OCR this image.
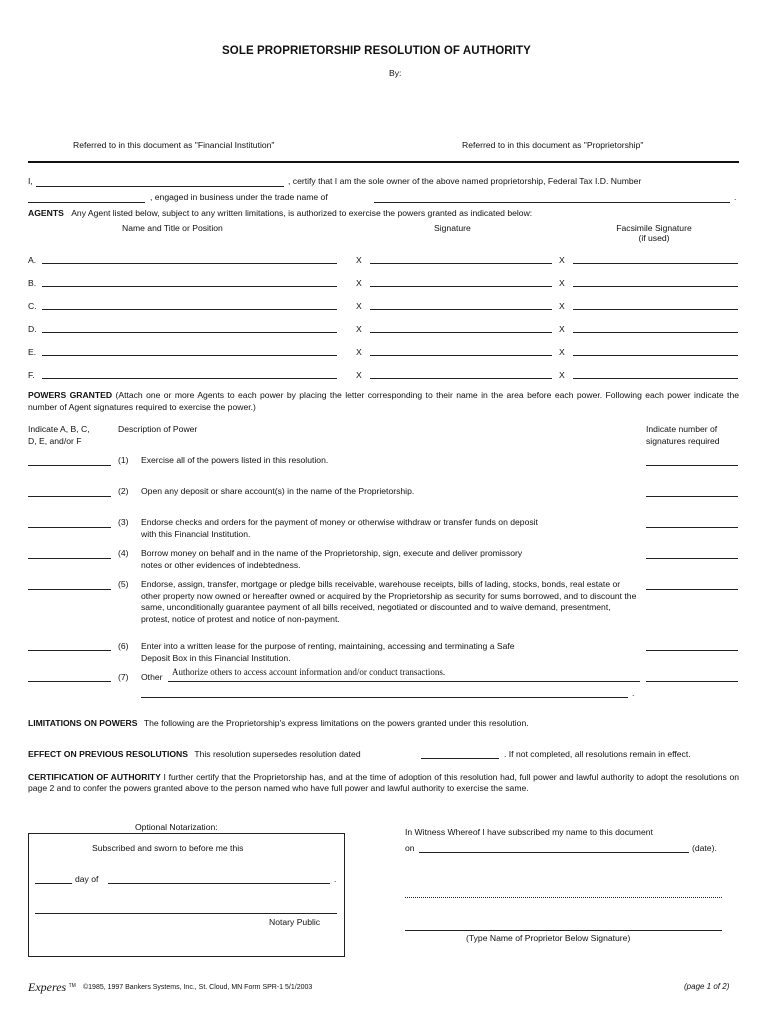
SOLE PROPRIETORSHIP RESOLUTION OF AUTHORITY
By:
Referred to in this document as "Financial Institution"	Referred to in this document as "Proprietorship"
I,	, certify that I am the sole owner of the above named proprietorship, Federal Tax I.D. Number
, engaged in business under the trade name of	.
AGENTS Any Agent listed below, subject to any written limitations, is authorized to exercise the powers granted as indicated below:
Name and Title or Position	Signature	Facsimile Signature
(if used)
A.	X	X
B.	X	X
C.	X	X
D.	X	X
E.	X	X
F.	X	X
POWERS GRANTED (Attach one or more Agents to each power by placing the letter corresponding to their name in the area before each power. Following each power indicate the number of Agent signatures required to exercise the power.)
Indicate A, B, C,
D, E, and/or F
Description of Power	Indicate number of
signatures required
(1) Exercise all of the powers listed in this resolution.
(2) Open any deposit or share account(s) in the name of the Proprietorship.
(3) Endorse checks and orders for the payment of money or otherwise withdraw or transfer funds on deposit
with this Financial Institution.
(4) Borrow money on behalf and in the name of the Proprietorship, sign, execute and deliver promissory
notes or other evidences of indebtedness.
(5) Endorse, assign, transfer, mortgage or pledge bills receivable, warehouse receipts, bills of lading, stocks, bonds, real estate or other property now owned or hereafter owned or acquired by the Proprietorship as security for sums borrowed, and to discount the same, unconditionally guarantee payment of all bills received, negotiated or discounted and to waive demand, presentment, protest, notice of protest and notice of non-payment.
(6) Enter into a written lease for the purpose of renting, maintaining, accessing and terminating a Safe
Deposit Box in this Financial Institution.
(7) Other Authorize others to access account information and/or conduct transactions.
.
LIMITATIONS ON POWERS The following are the Proprietorship's express limitations on the powers granted under this resolution.
EFFECT ON PREVIOUS RESOLUTIONS This resolution supersedes resolution dated	. If not completed, all resolutions remain in effect.
CERTIFICATION OF AUTHORITY I further certify that the Proprietorship has, and at the time of adoption of this resolution had, full power and lawful authority to adopt the resolutions on page 2 and to confer the powers granted above to the person named who have full power and lawful authority to exercise the same.
Optional Notarization:
Subscribed and sworn to before me this
day of	.
Notary Public
In Witness Whereof I have subscribed my name to this document
on	(date).
(Type Name of Proprietor Below Signature)
Experes ™ ©1985, 1997 Bankers Systems, Inc., St. Cloud, MN Form SPR-1 5/1/2003	(page 1 of 2)
